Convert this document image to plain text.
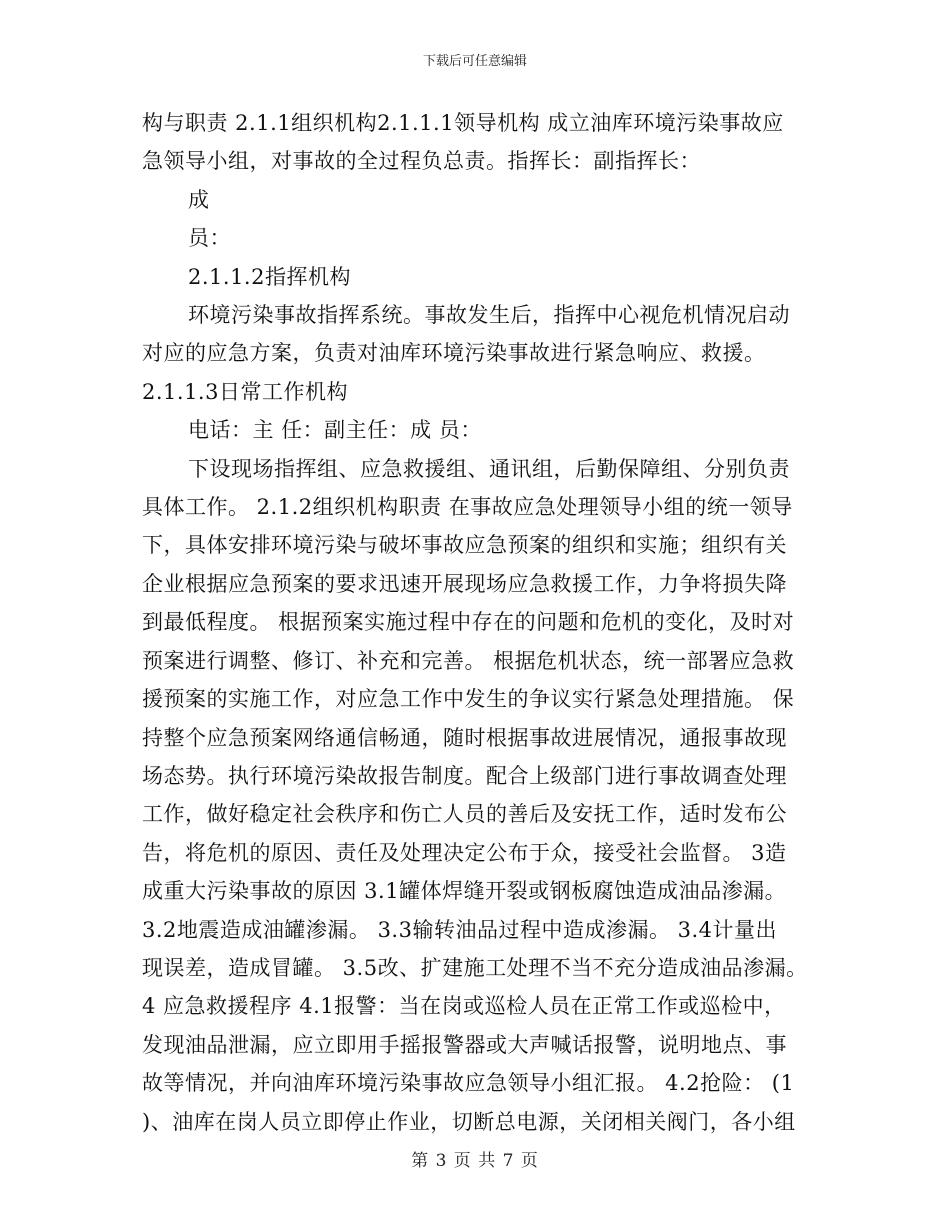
下载后可任意编辑
构与职责 2.1.1组织机构2.1.1.1领导机构 成立油库环境污染事故应
急领导小组，对事故的全过程负总责。指挥长：副指挥长：
成
员：
2.1.1.2指挥机构
环境污染事故指挥系统。事故发生后，指挥中心视危机情况启动
对应的应急方案，负责对油库环境污染事故进行紧急响应、救援。
2.1.1.3日常工作机构
电话：主 任：副主任：成 员：
下设现场指挥组、应急救援组、通讯组，后勤保障组、分别负责
具体工作。 2.1.2组织机构职责 在事故应急处理领导小组的统一领导
下，具体安排环境污染与破坏事故应急预案的组织和实施；组织有关
企业根据应急预案的要求迅速开展现场应急救援工作，力争将损失降
到最低程度。 根据预案实施过程中存在的问题和危机的变化，及时对
预案进行调整、修订、补充和完善。 根据危机状态，统一部署应急救
援预案的实施工作，对应急工作中发生的争议实行紧急处理措施。 保
持整个应急预案网络通信畅通，随时根据事故进展情况，通报事故现
场态势。执行环境污染故报告制度。配合上级部门进行事故调查处理
工作，做好稳定社会秩序和伤亡人员的善后及安抚工作，适时发布公
告，将危机的原因、责任及处理决定公布于众，接受社会监督。 3造
成重大污染事故的原因 3.1罐体焊缝开裂或钢板腐蚀造成油品渗漏。
3.2地震造成油罐渗漏。 3.3输转油品过程中造成渗漏。 3.4计量出
现误差，造成冒罐。 3.5改、扩建施工处理不当不充分造成油品渗漏。
4 应急救援程序 4.1报警：当在岗或巡检人员在正常工作或巡检中，
发现油品泄漏，应立即用手摇报警器或大声喊话报警，说明地点、事
故等情况，并向油库环境污染事故应急领导小组汇报。 4.2抢险： (1
)、油库在岗人员立即停止作业，切断总电源，关闭相关阀门，各小组
第 3 页 共 7 页
